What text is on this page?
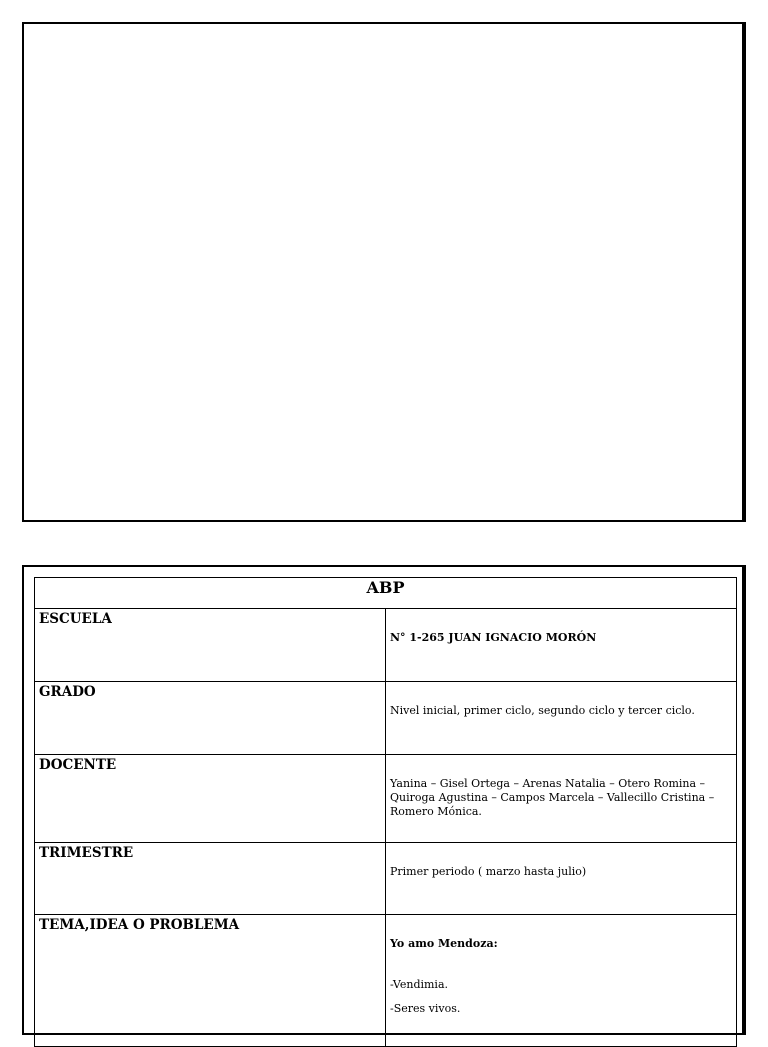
ABP	
ESCUELA	N° 1-265 JUAN IGNACIO MORÓN

GRADO	Nivel inicial, primer ciclo, segundo ciclo y tercer ciclo.

DOCENTE	Yanina – Gisel Ortega – Arenas Natalia – Otero Romina – Quiroga Agustina – Campos Marcela – Vallecillo Cristina – Romero Mónica.

TRIMESTRE	Primer periodo ( marzo hasta julio)

TEMA,IDEA O PROBLEMA	Yo amo Mendoza:
-Vendimia.
-Seres vivos.
